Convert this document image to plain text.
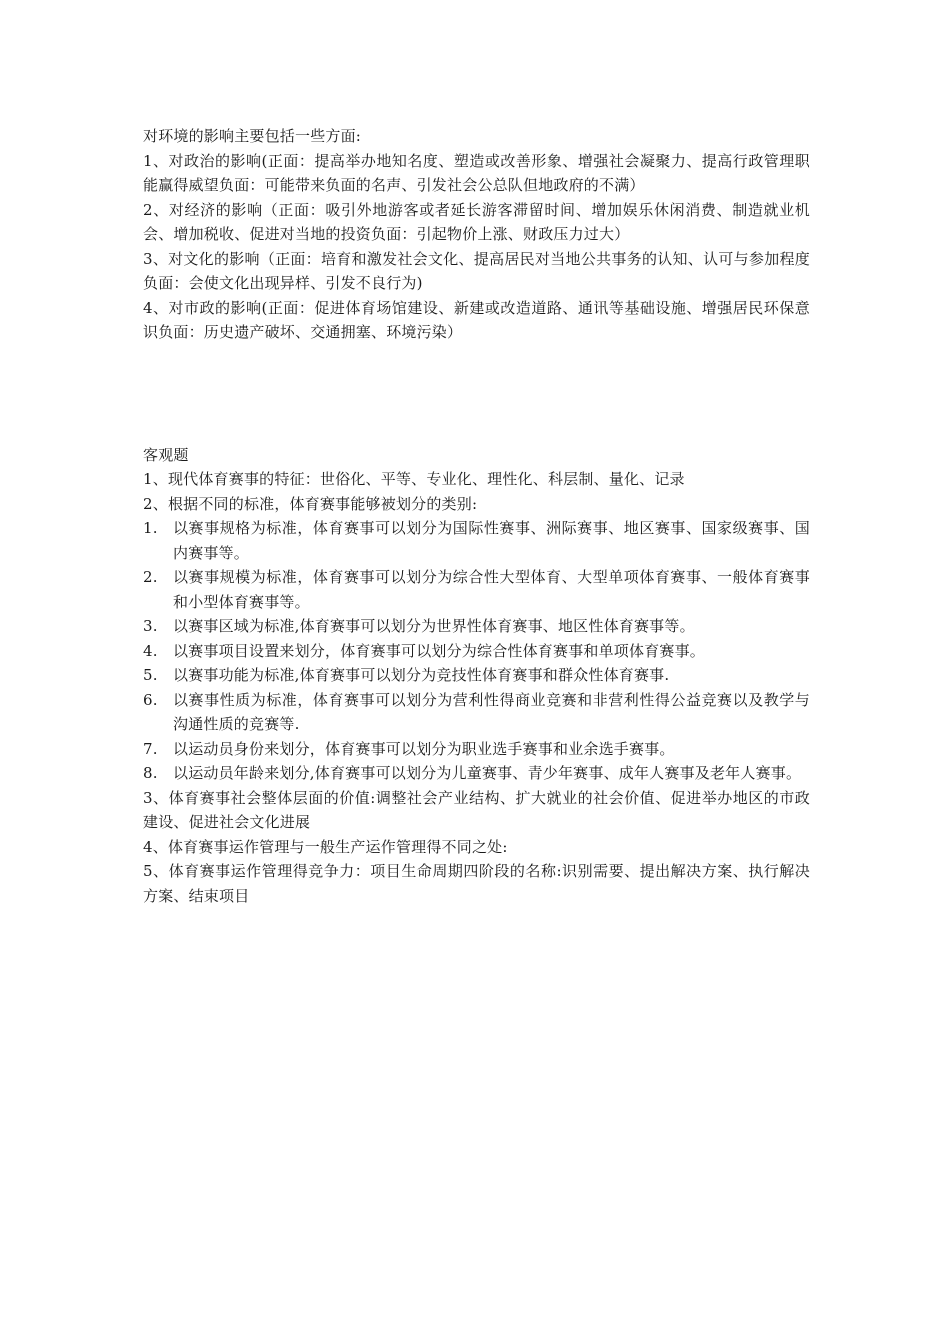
对环境的影响主要包括一些方面:

1、对政治的影响(正面：提高举办地知名度、塑造或改善形象、增强社会凝聚力、提高行政管理职能赢得威望负面：可能带来负面的名声、引发社会公总队但地政府的不满）

2、对经济的影响（正面：吸引外地游客或者延长游客滞留时间、增加娱乐休闲消费、制造就业机会、增加税收、促进对当地的投资负面：引起物价上涨、财政压力过大）

3、对文化的影响（正面：培育和激发社会文化、提高居民对当地公共事务的认知、认可与参加程度负面：会使文化出现异样、引发不良行为)

4、对市政的影响(正面：促进体育场馆建设、新建或改造道路、通讯等基础设施、增强居民环保意识负面：历史遗产破坏、交通拥塞、环境污染）

客观题

1、现代体育赛事的特征：世俗化、平等、专业化、理性化、科层制、量化、记录

2、根据不同的标准，体育赛事能够被划分的类别:

1. 以赛事规格为标准，体育赛事可以划分为国际性赛事、洲际赛事、地区赛事、国家级赛事、国内赛事等。
2. 以赛事规模为标准，体育赛事可以划分为综合性大型体育、大型单项体育赛事、一般体育赛事和小型体育赛事等。
3. 以赛事区域为标准,体育赛事可以划分为世界性体育赛事、地区性体育赛事等。
4. 以赛事项目设置来划分，体育赛事可以划分为综合性体育赛事和单项体育赛事。
5. 以赛事功能为标准,体育赛事可以划分为竞技性体育赛事和群众性体育赛事.
6. 以赛事性质为标准，体育赛事可以划分为营利性得商业竞赛和非营利性得公益竞赛以及教学与沟通性质的竞赛等.
7. 以运动员身份来划分，体育赛事可以划分为职业选手赛事和业余选手赛事。
8. 以运动员年龄来划分,体育赛事可以划分为儿童赛事、青少年赛事、成年人赛事及老年人赛事。

3、体育赛事社会整体层面的价值:调整社会产业结构、扩大就业的社会价值、促进举办地区的市政建设、促进社会文化进展

4、体育赛事运作管理与一般生产运作管理得不同之处:

5、体育赛事运作管理得竞争力：项目生命周期四阶段的名称:识别需要、提出解决方案、执行解决方案、结束项目
